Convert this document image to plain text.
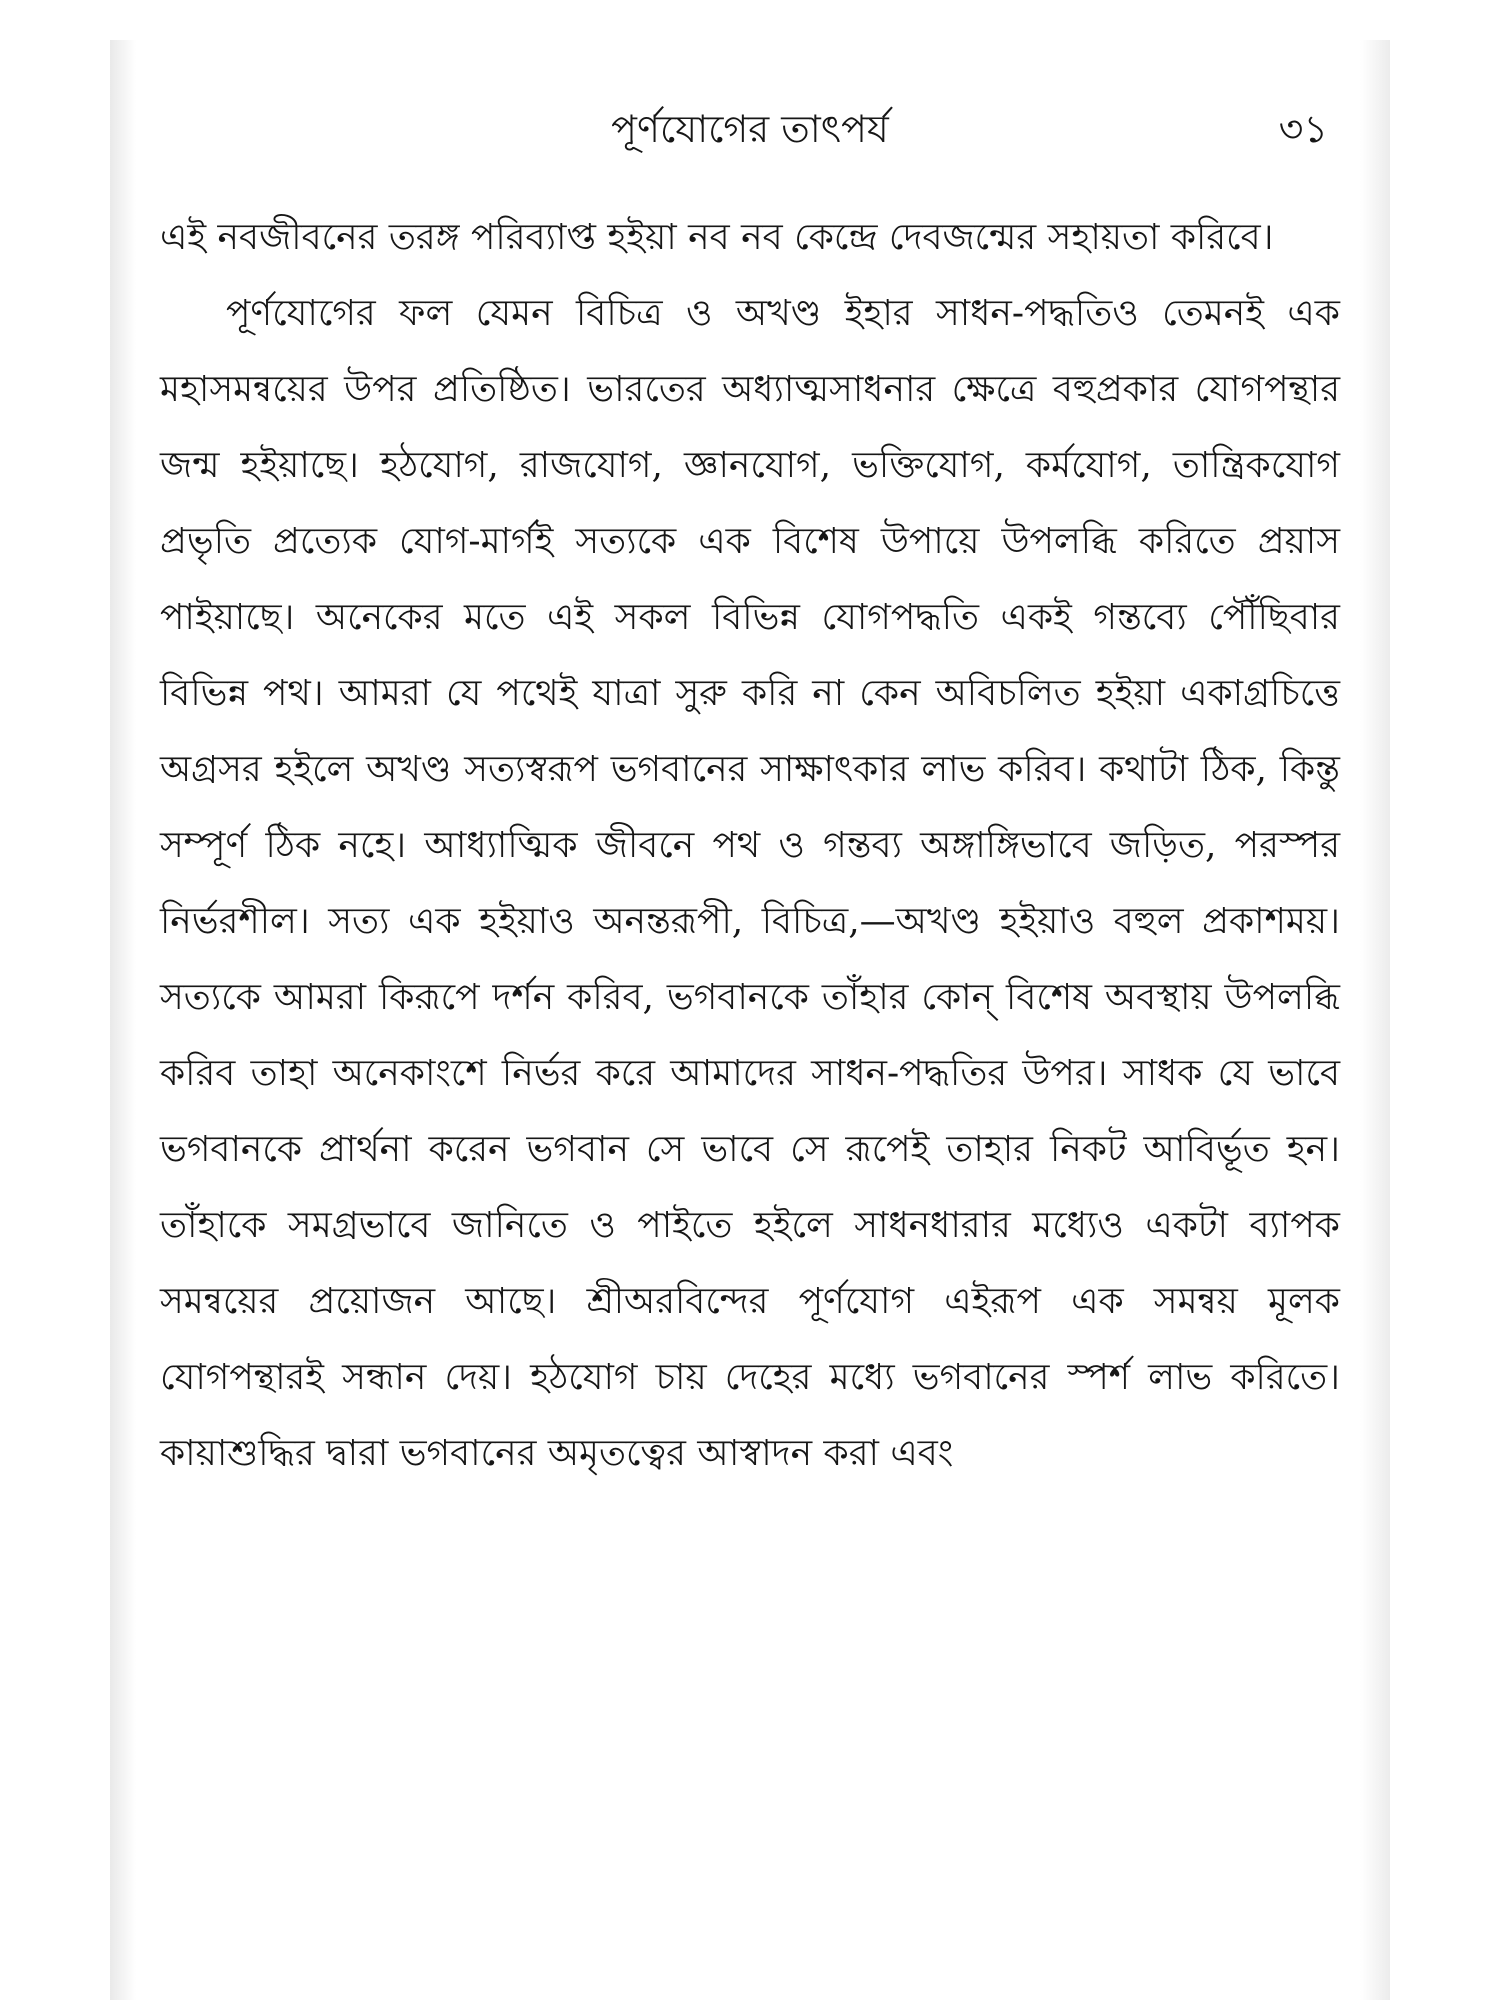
পূর্ণযোগের তাৎপর্য	৩১

এই নবজীবনের তরঙ্গ পরিব্যাপ্ত হইয়া নব নব কেন্দ্রে দেবজন্মের সহায়তা করিবে।

পূর্ণযোগের ফল যেমন বিচিত্র ও অখণ্ড ইহার সাধন-পদ্ধতিও তেমনই এক মহাসমন্বয়ের উপর প্রতিষ্ঠিত। ভারতের অধ্যাত্মসাধনার ক্ষেত্রে বহুপ্রকার যোগপন্থার জন্ম হইয়াছে। হঠযোগ, রাজযোগ, জ্ঞানযোগ, ভক্তিযোগ, কর্মযোগ, তান্ত্রিকযোগ প্রভৃতি প্রত্যেক যোগ-মার্গই সত্যকে এক বিশেষ উপায়ে উপলব্ধি করিতে প্রয়াস পাইয়াছে। অনেকের মতে এই সকল বিভিন্ন যোগপদ্ধতি একই গন্তব্যে পৌঁছিবার বিভিন্ন পথ। আমরা যে পথেই যাত্রা সুরু করি না কেন অবিচলিত হইয়া একাগ্রচিত্তে অগ্রসর হইলে অখণ্ড সত্যস্বরূপ ভগবানের সাক্ষাৎকার লাভ করিব। কথাটা ঠিক, কিন্তু সম্পূর্ণ ঠিক নহে। আধ্যাত্মিক জীবনে পথ ও গন্তব্য অঙ্গাঙ্গিভাবে জড়িত, পরস্পর নির্ভরশীল। সত্য এক হইয়াও অনন্তরূপী, বিচিত্র,—অখণ্ড হইয়াও বহুল প্রকাশময়। সত্যকে আমরা কিরূপে দর্শন করিব, ভগবানকে তাঁহার কোন্ বিশেষ অবস্থায় উপলব্ধি করিব তাহা অনেকাংশে নির্ভর করে আমাদের সাধন-পদ্ধতির উপর। সাধক যে ভাবে ভগবানকে প্রার্থনা করেন ভগবান সে ভাবে সে রূপেই তাহার নিকট আবির্ভূত হন। তাঁহাকে সমগ্রভাবে জানিতে ও পাইতে হইলে সাধনধারার মধ্যেও একটা ব্যাপক সমন্বয়ের প্রয়োজন আছে। শ্রীঅরবিন্দের পূর্ণযোগ এইরূপ এক সমন্বয় মূলক যোগপন্থারই সন্ধান দেয়। হঠযোগ চায় দেহের মধ্যে ভগবানের স্পর্শ লাভ করিতে। কায়াশুদ্ধির দ্বারা ভগবানের অমৃতত্বের আস্বাদন করা এবং
